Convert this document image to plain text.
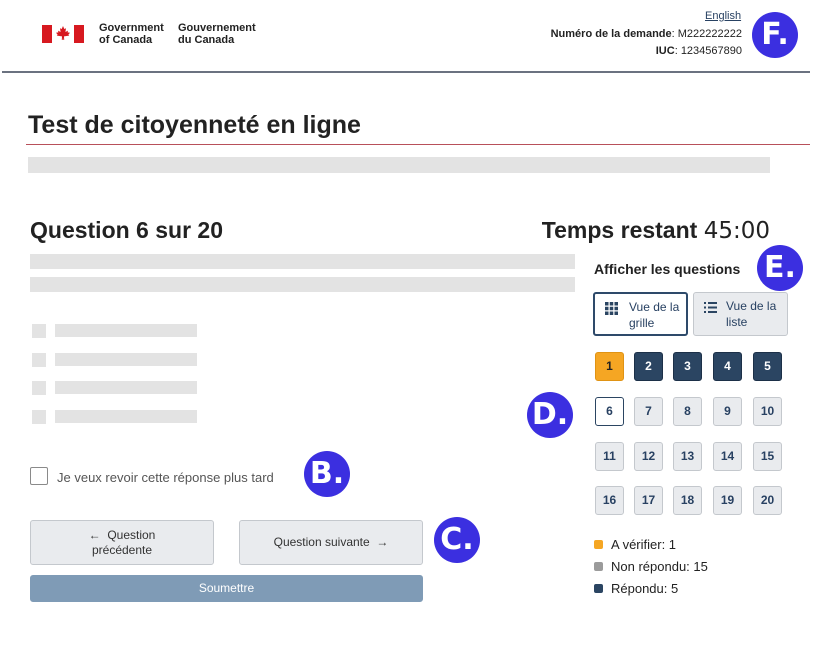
Government
of Canada
Gouvernement
du Canada
English
Numéro de la demande: M222222222
IUC: 1234567890 F.
Test de citoyenneté en ligne
Question 6 sur 20	Temps restant 45:00
Je veux revoir cette réponse plus tard B.
← Question
précédente
Question suivante →	C.
Soumettre
Afficher les questions E.
Vue de la
grille
Vue de la
liste
1	2	3	4	5
6	7	8	9	10
11	12	13	14	15
16	17	18	19	20
D.
A vérifier: 1
Non répondu: 15
Répondu: 5
